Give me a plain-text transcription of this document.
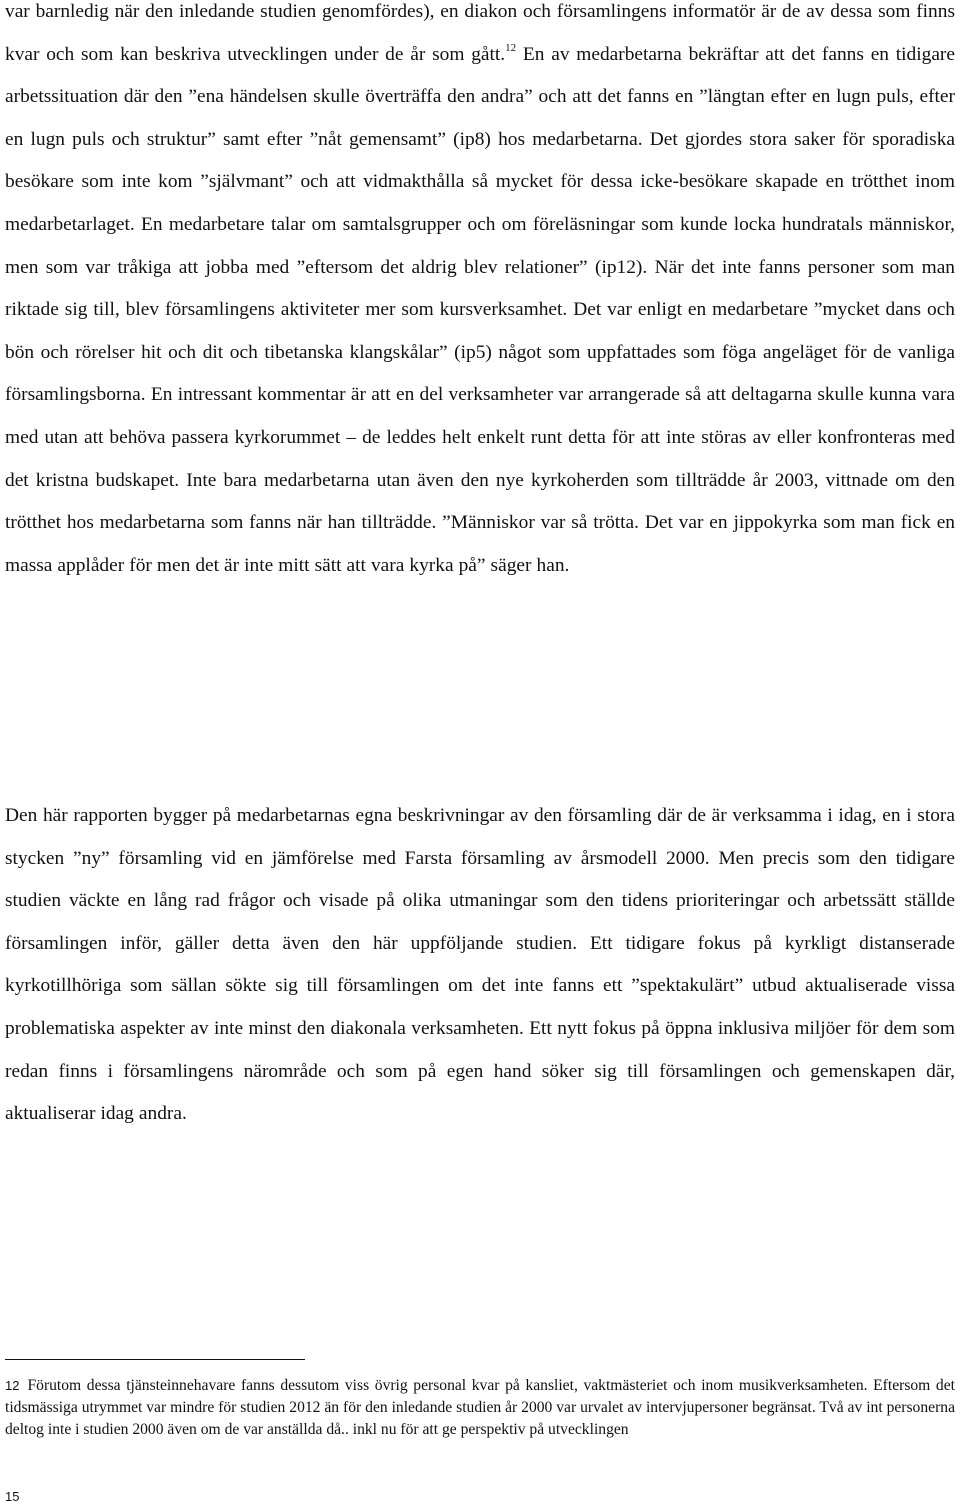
var barnledig när den inledande studien genomfördes), en diakon och församlingens informatör är de av dessa som finns kvar och som kan beskriva utvecklingen under de år som gått.$^{12}$ En av medarbetarna bekräftar att det fanns en tidigare arbetssituation där den ”ena händelsen skulle överträffa den andra” och att det fanns en ”längtan efter en lugn puls, efter en lugn puls och struktur” samt efter ”nåt gemensamt” (ip8) hos medarbetarna. Det gjordes stora saker för sporadiska besökare som inte kom ”självmant” och att vidmakthålla så mycket för dessa icke-besökare skapade en trötthet inom medarbetarlaget. En medarbetare talar om samtalsgrupper och om föreläsningar som kunde locka hundratals människor, men som var tråkiga att jobba med ”eftersom det aldrig blev relationer” (ip12). När det inte fanns personer som man riktade sig till, blev församlingens aktiviteter mer som kursverksamhet. Det var enligt en medarbetare ”mycket dans och bön och rörelser hit och dit och tibetanska klangskålar” (ip5) något som uppfattades som föga angeläget för de vanliga församlingsborna. En intressant kommentar är att en del verksamheter var arrangerade så att deltagarna skulle kunna vara med utan att behöva passera kyrkorummet – de leddes helt enkelt runt detta för att inte störas av eller konfronteras med det kristna budskapet. Inte bara medarbetarna utan även den nye kyrkoherden som tillträdde år 2003, vittnade om den trötthet hos medarbetarna som fanns när han tillträdde. ”Människor var så trötta. Det var en jippokyrka som man fick en massa applåder för men det är inte mitt sätt att vara kyrka på” säger han.

Den här rapporten bygger på medarbetarnas egna beskrivningar av den församling där de är verksamma i idag, en i stora stycken ”ny” församling vid en jämförelse med Farsta församling av årsmodell 2000. Men precis som den tidigare studien väckte en lång rad frågor och visade på olika utmaningar som den tidens prioriteringar och arbetssätt ställde församlingen inför, gäller detta även den här uppföljande studien. Ett tidigare fokus på kyrkligt distanserade kyrkotillhöriga som sällan sökte sig till församlingen om det inte fanns ett ”spektakulärt” utbud aktualiserade vissa problematiska aspekter av inte minst den diakonala verksamheten. Ett nytt fokus på öppna inklusiva miljöer för dem som redan finns i församlingens närområde och som på egen hand söker sig till församlingen och gemenskapen där, aktualiserar idag andra.

12 Förutom dessa tjänsteinnehavare fanns dessutom viss övrig personal kvar på kansliet, vaktmästeriet och inom musikverksamheten. Eftersom det tidsmässiga utrymmet var mindre för studien 2012 än för den inledande studien år 2000 var urvalet av intervjupersoner begränsat. Två av int personerna deltog inte i studien 2000 även om de var anställda då.. inkl nu för att ge perspektiv på utvecklingen

15
